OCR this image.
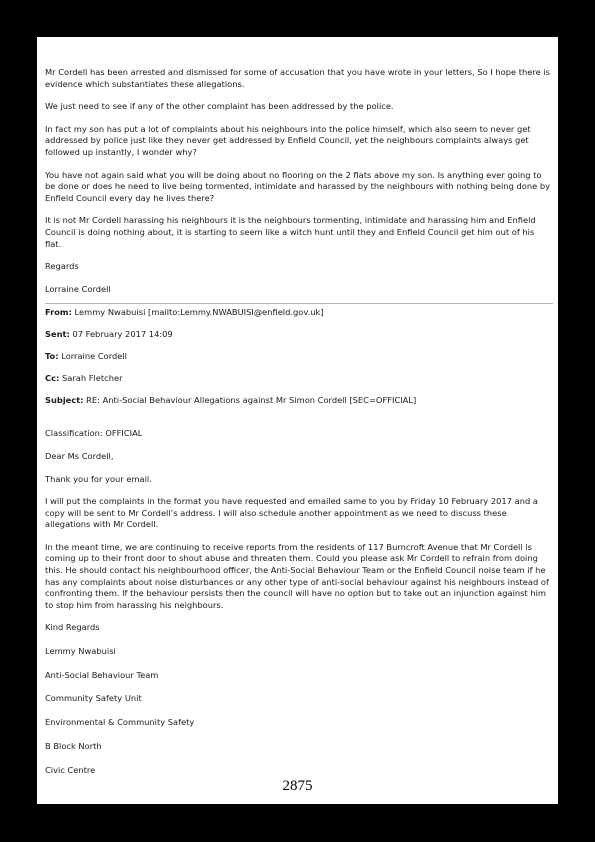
Mr Cordell has been arrested and dismissed for some of accusation that you have wrote in your letters, So I hope there is evidence which substantiates these allegations.

We just need to see if any of the other complaint has been addressed by the police.

In fact my son has put a lot of complaints about his neighbours into the police himself, which also seem to never get addressed by police just like they never get addressed by Enfield Council, yet the neighbours complaints always get followed up instantly, I wonder why?

You have not again said what you will be doing about no flooring on the 2 flats above my son. Is anything ever going to be done or does he need to live being tormented, intimidate and harassed by the neighbours with nothing being done by Enfield Council every day he lives there?

It is not Mr Cordell harassing his neighbours it is the neighbours tormenting, intimidate and harassing him and Enfield Council is doing nothing about, it is starting to seem like a witch hunt until they and Enfield Council get him out of his flat.

Regards

Lorraine Cordell

From: Lemmy Nwabuisi [mailto:Lemmy.NWABUISI@enfield.gov.uk]

Sent: 07 February 2017 14:09

To: Lorraine Cordell

Cc: Sarah Fletcher

Subject: RE: Anti-Social Behaviour Allegations against Mr Simon Cordell [SEC=OFFICIAL]

Classification: OFFICIAL

Dear Ms Cordell,

Thank you for your email.

I will put the complaints in the format you have requested and emailed same to you by Friday 10 February 2017 and a copy will be sent to Mr Cordell’s address. I will also schedule another appointment as we need to discuss these allegations with Mr Cordell.

In the meant time, we are continuing to receive reports from the residents of 117 Burncroft Avenue that Mr Cordell is coming up to their front door to shout abuse and threaten them. Could you please ask Mr Cordell to refrain from doing this. He should contact his neighbourhood officer, the Anti-Social Behaviour Team or the Enfield Council noise team if he has any complaints about noise disturbances or any other type of anti-social behaviour against his neighbours instead of confronting them. If the behaviour persists then the council will have no option but to take out an injunction against him to stop him from harassing his neighbours.

Kind Regards

Lemmy Nwabuisi

Anti-Social Behaviour Team

Community Safety Unit

Environmental & Community Safety

B Block North

Civic Centre

2875
